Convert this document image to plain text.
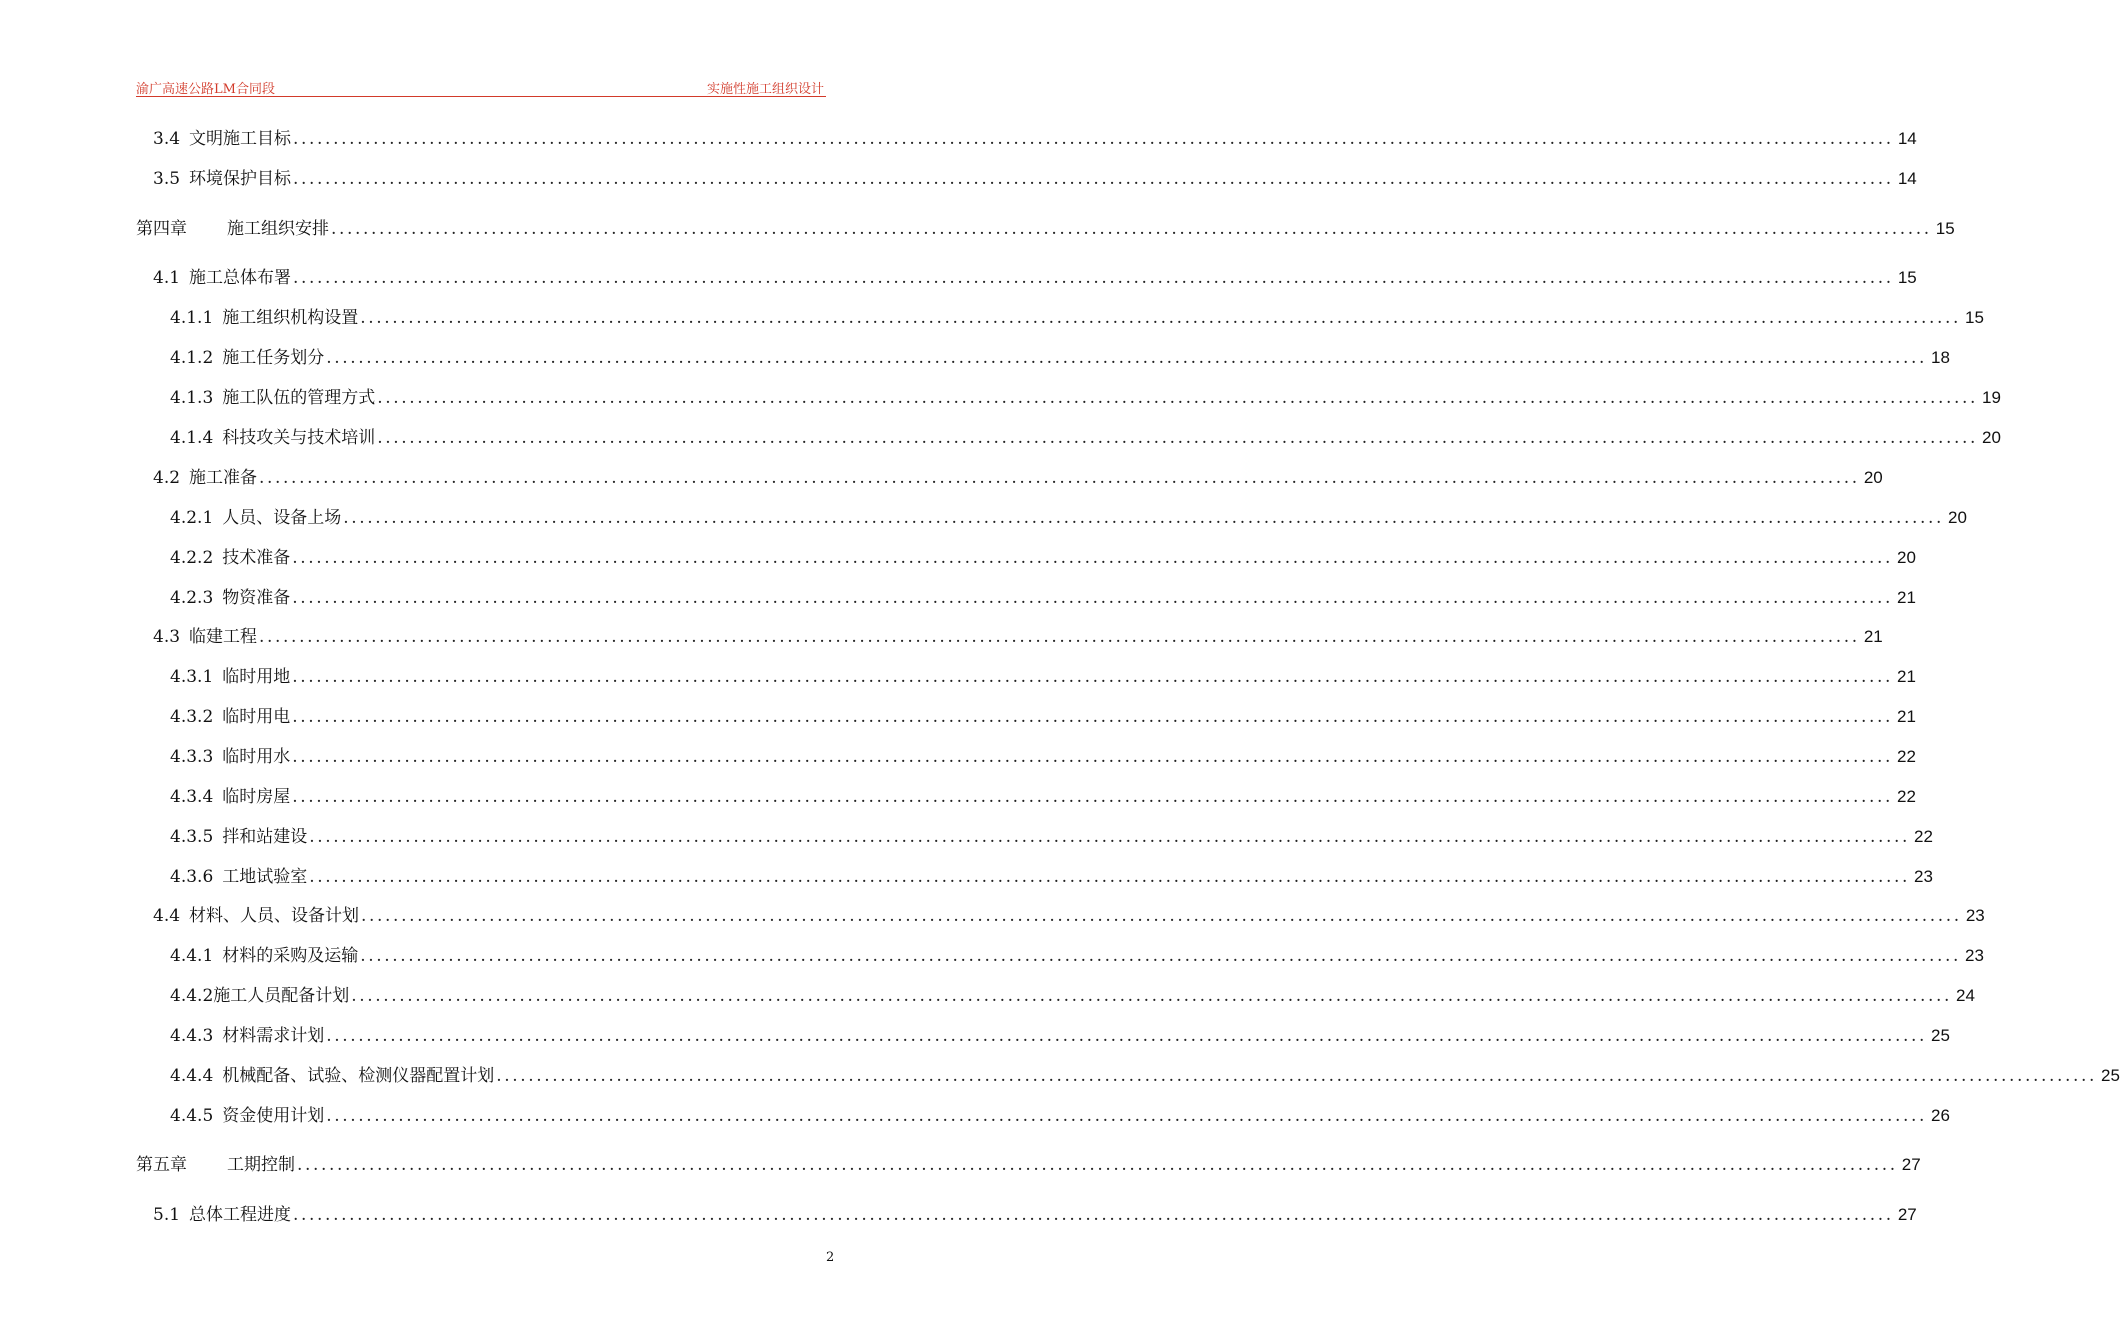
渝广高速公路LM合同段	实施性施工组织设计
3.4 文明施工目标 ........................................................................................................................................................................................................ 14
3.5 环境保护目标 ........................................................................................................................................................................................................ 14
第四章 施工组织安排 ........................................................................................................................................................................................................ 15
4.1 施工总体布署 ........................................................................................................................................................................................................ 15
4.1.1 施工组织机构设置 ........................................................................................................................................................................................................ 15
4.1.2 施工任务划分 ........................................................................................................................................................................................................ 18
4.1.3 施工队伍的管理方式 ........................................................................................................................................................................................................ 19
4.1.4 科技攻关与技术培训 ........................................................................................................................................................................................................ 20
4.2 施工准备 ........................................................................................................................................................................................................ 20
4.2.1 人员、设备上场 ........................................................................................................................................................................................................ 20
4.2.2 技术准备 ........................................................................................................................................................................................................ 20
4.2.3 物资准备 ........................................................................................................................................................................................................ 21
4.3 临建工程 ........................................................................................................................................................................................................ 21
4.3.1 临时用地 ........................................................................................................................................................................................................ 21
4.3.2 临时用电 ........................................................................................................................................................................................................ 21
4.3.3 临时用水 ........................................................................................................................................................................................................ 22
4.3.4 临时房屋 ........................................................................................................................................................................................................ 22
4.3.5 拌和站建设 ........................................................................................................................................................................................................ 22
4.3.6 工地试验室 ........................................................................................................................................................................................................ 23
4.4 材料、人员、设备计划 ........................................................................................................................................................................................................ 23
4.4.1 材料的采购及运输 ........................................................................................................................................................................................................ 23
4.4.2 施工人员配备计划 ........................................................................................................................................................................................................ 24
4.4.3 材料需求计划 ........................................................................................................................................................................................................ 25
4.4.4 机械配备、试验、检测仪器配置计划 ........................................................................................................................................................................................................ 25
4.4.5 资金使用计划 ........................................................................................................................................................................................................ 26
第五章 工期控制 ........................................................................................................................................................................................................ 27
5.1 总体工程进度 ........................................................................................................................................................................................................ 27
2
